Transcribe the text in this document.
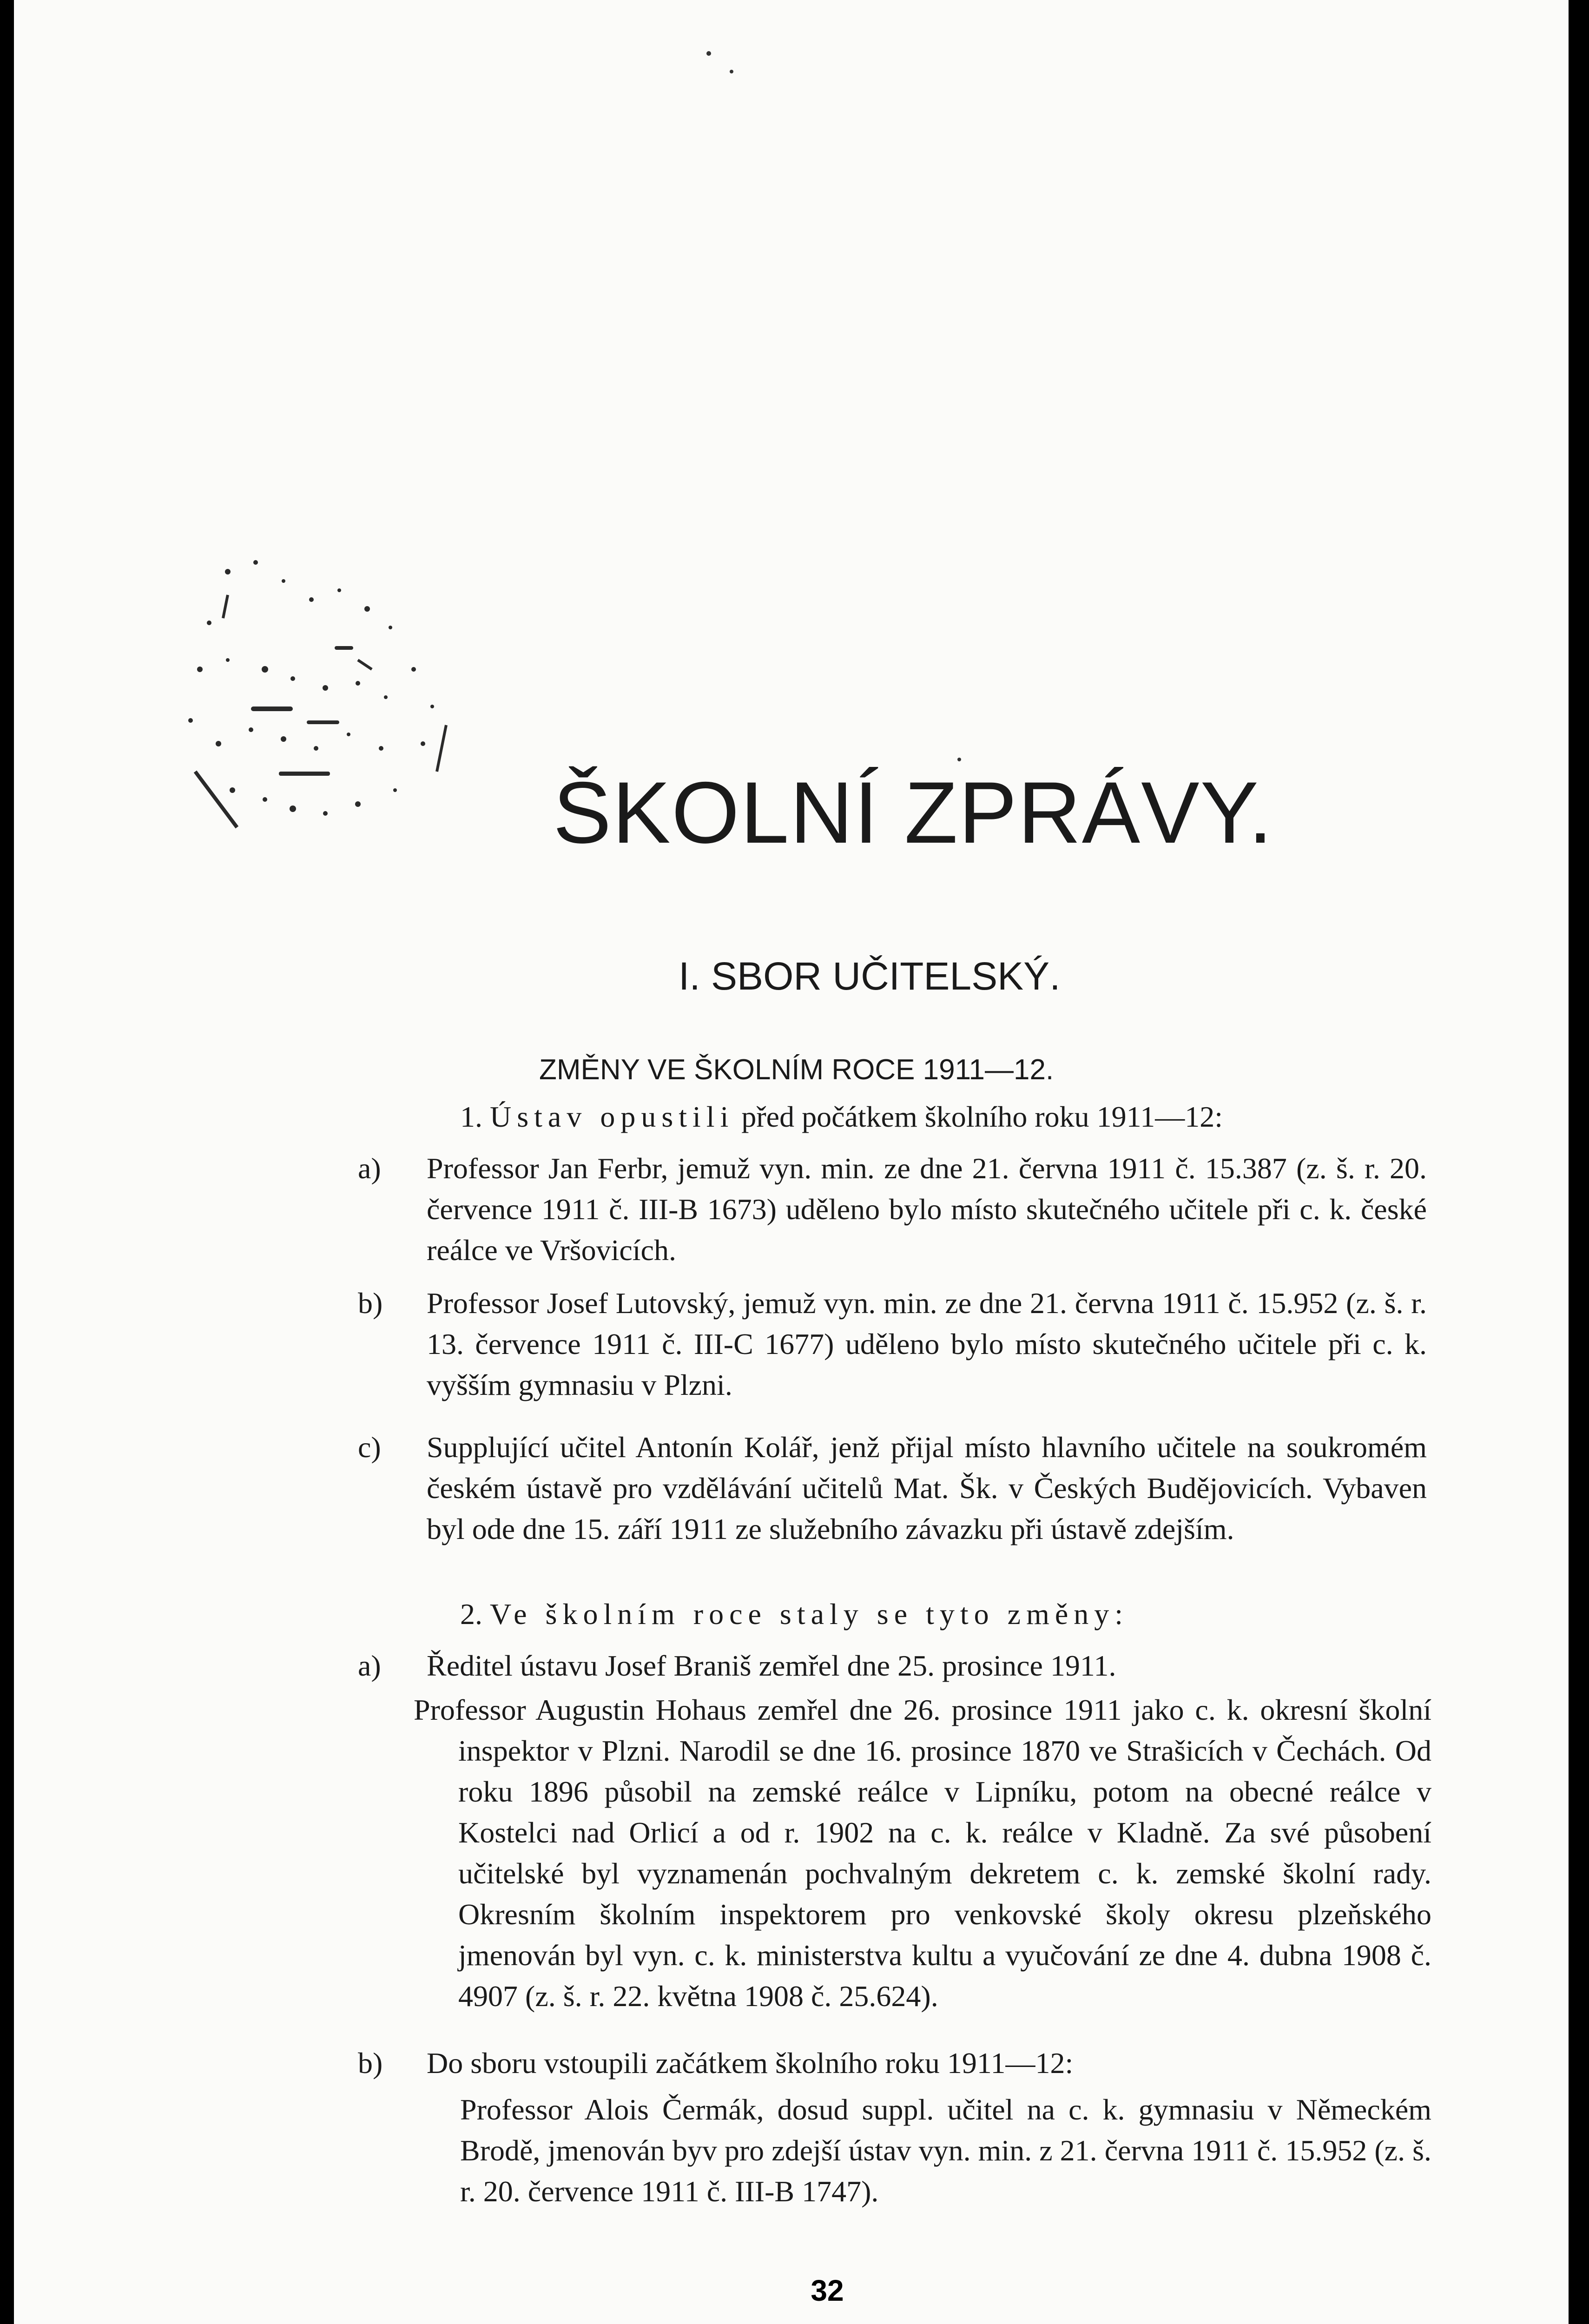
ŠKOLNÍ ZPRÁVY.
I. SBOR UČITELSKÝ.
ZMĚNY VE ŠKOLNÍM ROCE 1911—12.

1. Ústav opustili před počátkem školního roku 1911—12:

a)	Professor Jan Ferbr, jemuž vyn. min. ze dne 21. června 1911 č. 15.387 (z. š. r. 20. července 1911 č. III-B 1673) uděleno bylo místo skutečného učitele při c. k. české reálce ve Vršovicích.
b)	Professor Josef Lutovský, jemuž vyn. min. ze dne 21. června 1911 č. 15.952 (z. š. r. 13. července 1911 č. III-C 1677) uděleno bylo místo skutečného učitele při c. k. vyšším gymnasiu v Plzni.
c)	Supplující učitel Antonín Kolář, jenž přijal místo hlavního učitele na soukromém českém ústavě pro vzdělávání učitelů Mat. Šk. v Českých Budějovicích. Vybaven byl ode dne 15. září 1911 ze služebního závazku při ústavě zdejším.

2. Ve školním roce staly se tyto změny:

a)	Ředitel ústavu Josef Braniš zemřel dne 25. prosince 1911.
Professor Augustin Hohaus zemřel dne 26. prosince 1911 jako c. k. okresní školní inspektor v Plzni. Narodil se dne 16. prosince 1870 ve Strašicích v Čechách. Od roku 1896 působil na zemské reálce v Lipníku, potom na obecné reálce v Kostelci nad Orlicí a od r. 1902 na c. k. reálce v Kladně. Za své působení učitelské byl vyznamenán pochvalným dekretem c. k. zemské školní rady. Okresním školním inspektorem pro venkovské školy okresu plzeňského jmenován byl vyn. c. k. ministerstva kultu a vyučování ze dne 4. dubna 1908 č. 4907 (z. š. r. 22. května 1908 č. 25.624).
b)	Do sboru vstoupili začátkem školního roku 1911—12:
Professor Alois Čermák, dosud suppl. učitel na c. k. gymnasiu v Německém Brodě, jmenován byv pro zdejší ústav vyn. min. z 21. června 1911 č. 15.952 (z. š. r. 20. července 1911 č. III-B 1747).
32
